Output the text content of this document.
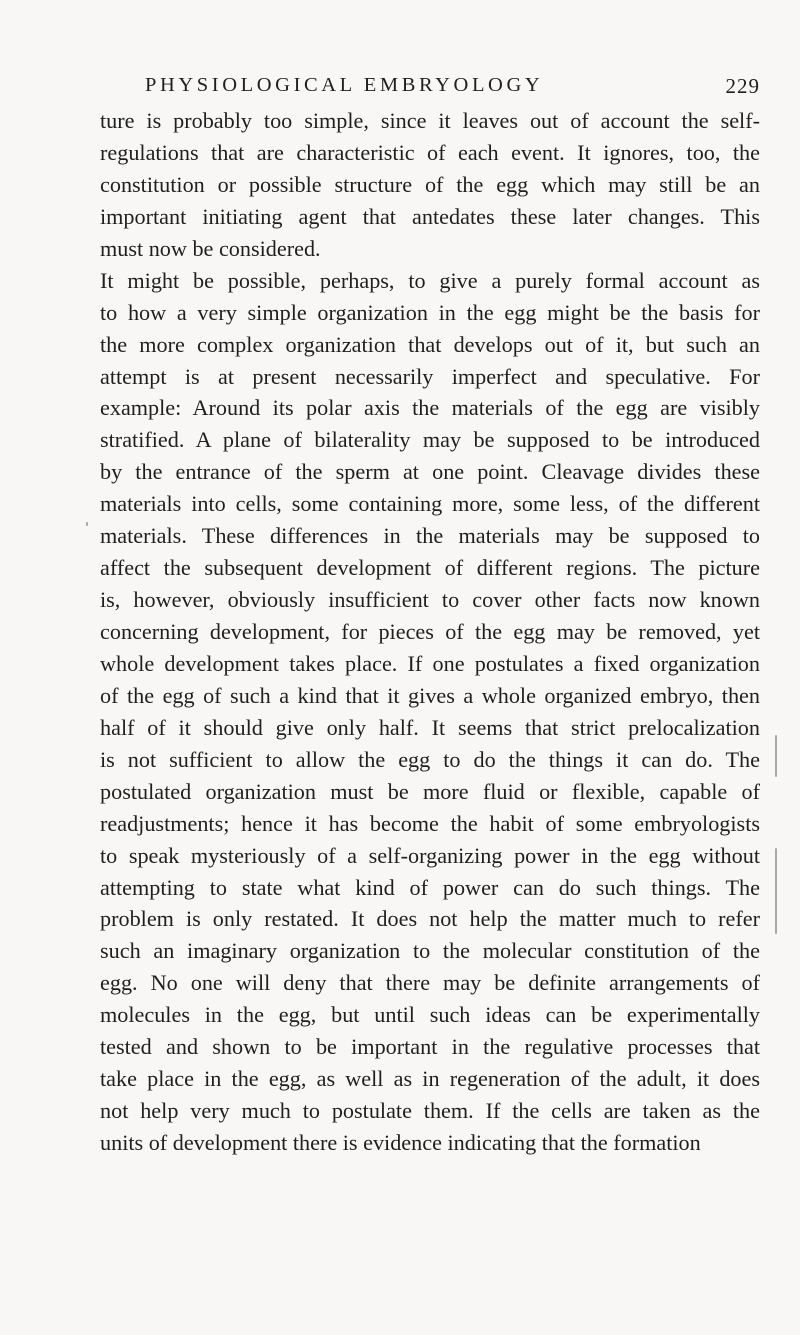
PHYSIOLOGICAL EMBRYOLOGY	229
ture is probably too simple, since it leaves out of account the self-
regulations that are characteristic of each event. It ignores, too, the
constitution or possible structure of the egg which may still be an
important initiating agent that antedates these later changes. This
must now be considered.
It might be possible, perhaps, to give a purely formal account as
to how a very simple organization in the egg might be the basis for
the more complex organization that develops out of it, but such an
attempt is at present necessarily imperfect and speculative. For
example: Around its polar axis the materials of the egg are visibly
stratified. A plane of bilaterality may be supposed to be introduced
by the entrance of the sperm at one point. Cleavage divides these
materials into cells, some containing more, some less, of the different
materials. These differences in the materials may be supposed to
affect the subsequent development of different regions. The picture
is, however, obviously insufficient to cover other facts now known
concerning development, for pieces of the egg may be removed, yet
whole development takes place. If one postulates a fixed organization
of the egg of such a kind that it gives a whole organized embryo, then
half of it should give only half. It seems that strict prelocalization
is not sufficient to allow the egg to do the things it can do. The
postulated organization must be more fluid or flexible, capable of
readjustments; hence it has become the habit of some embryologists
to speak mysteriously of a self-organizing power in the egg without
attempting to state what kind of power can do such things. The
problem is only restated. It does not help the matter much to refer
such an imaginary organization to the molecular constitution of the
egg. No one will deny that there may be definite arrangements of
molecules in the egg, but until such ideas can be experimentally
tested and shown to be important in the regulative processes that
take place in the egg, as well as in regeneration of the adult, it does
not help very much to postulate them. If the cells are taken as the
units of development there is evidence indicating that the formation
